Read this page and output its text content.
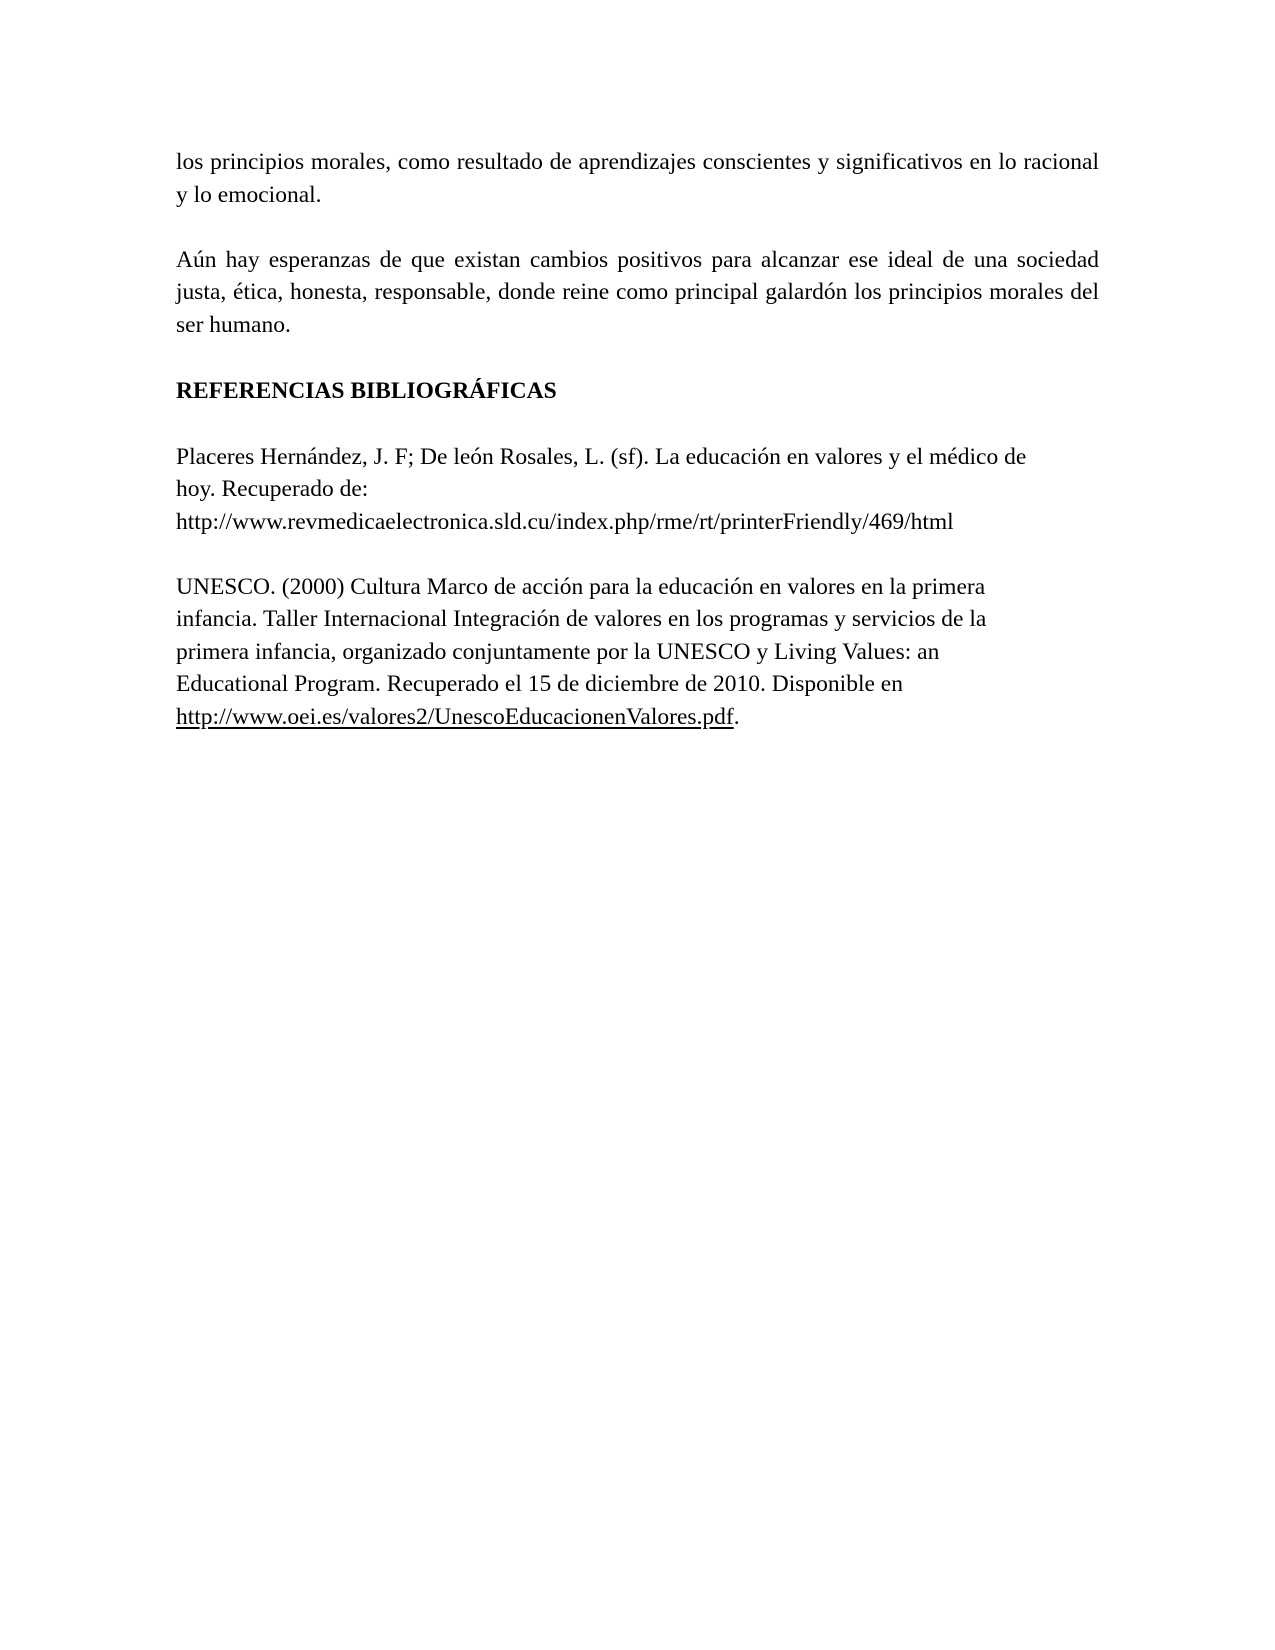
los principios morales, como resultado de aprendizajes conscientes y significativos en lo racional y lo emocional.

Aún hay esperanzas de que existan cambios positivos para alcanzar ese ideal de una sociedad justa, ética, honesta, responsable, donde reine como principal galardón los principios morales del ser humano.

REFERENCIAS BIBLIOGRÁFICAS

Placeres Hernández, J. F; De león Rosales, L. (sf). La educación en valores y el médico de
hoy. Recuperado de:
http://www.revmedicaelectronica.sld.cu/index.php/rme/rt/printerFriendly/469/html

UNESCO. (2000) Cultura Marco de acción para la educación en valores en la primera
infancia. Taller Internacional Integración de valores en los programas y servicios de la
primera infancia, organizado conjuntamente por la UNESCO y Living Values: an
Educational Program. Recuperado el 15 de diciembre de 2010. Disponible en
http://www.oei.es/valores2/UnescoEducacionenValores.pdf.
